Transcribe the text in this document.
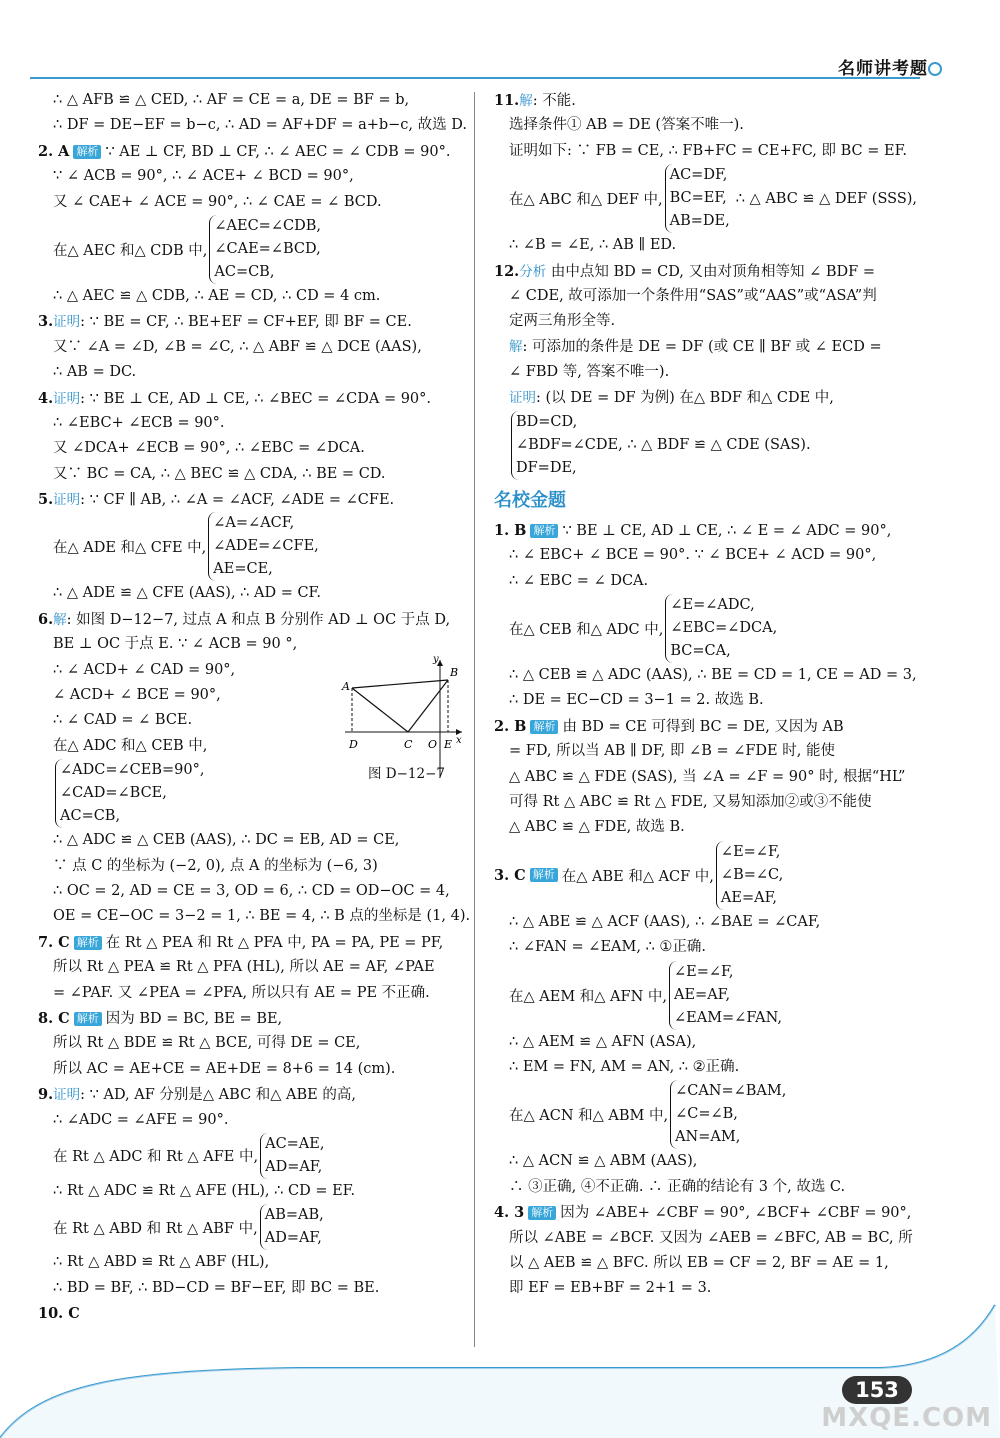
名师讲考题
∴ △ AFB ≌ △ CED, ∴ AF = CE = a, DE = BF = b,
∴ DF = DE−EF = b−c, ∴ AD = AF+DF = a+b−c, 故选 D.
2. A 解析 ∵ AE ⊥ CF, BD ⊥ CF, ∴ ∠ AEC = ∠ CDB = 90°.
∵ ∠ ACB = 90°, ∴ ∠ ACE+ ∠ BCD = 90°,
又 ∠ CAE+ ∠ ACE = 90°, ∴ ∠ CAE = ∠ BCD.
在△ AEC 和△ CDB 中,
∠AEC=∠CDB,
∠CAE=∠BCD,
AC=CB,
∴ △ AEC ≌ △ CDB, ∴ AE = CD, ∴ CD = 4 cm.
3.证明: ∵ BE = CF, ∴ BE+EF = CF+EF, 即 BF = CE.
又∵ ∠A = ∠D, ∠B = ∠C, ∴ △ ABF ≌ △ DCE (AAS),
∴ AB = DC.
4.证明: ∵ BE ⊥ CE, AD ⊥ CE, ∴ ∠BEC = ∠CDA = 90°.
∴ ∠EBC+ ∠ECB = 90°.
又 ∠DCA+ ∠ECB = 90°, ∴ ∠EBC = ∠DCA.
又∵ BC = CA, ∴ △ BEC ≌ △ CDA, ∴ BE = CD.
5.证明: ∵ CF ∥ AB, ∴ ∠A = ∠ACF, ∠ADE = ∠CFE.
在△ ADE 和△ CFE 中,
∠A=∠ACF,
∠ADE=∠CFE,
AE=CE,
∴ △ ADE ≌ △ CFE (AAS), ∴ AD = CF.
6.解: 如图 D−12−7, 过点 A 和点 B 分别作 AD ⊥ OC 于点 D,
BE ⊥ OC 于点 E. ∵ ∠ ACB = 90 °,
∴ ∠ ACD+ ∠ CAD = 90°,
∠ ACD+ ∠ BCE = 90°,
∴ ∠ CAD = ∠ BCE.
在△ ADC 和△ CEB 中,
∠ADC=∠CEB=90°,
∠CAD=∠BCE,
AC=CB,
∴ △ ADC ≌ △ CEB (AAS), ∴ DC = EB, AD = CE,
∵ 点 C 的坐标为 (−2, 0), 点 A 的坐标为 (−6, 3)
∴ OC = 2, AD = CE = 3, OD = 6, ∴ CD = OD−OC = 4,
OE = CE−OC = 3−2 = 1, ∴ BE = 4, ∴ B 点的坐标是 (1, 4).
7. C 解析 在 Rt △ PEA 和 Rt △ PFA 中, PA = PA, PE = PF,
所以 Rt △ PEA ≌ Rt △ PFA (HL), 所以 AE = AF, ∠PAE
= ∠PAF. 又 ∠PEA = ∠PFA, 所以只有 AE = PE 不正确.
8. C 解析 因为 BD = BC, BE = BE,
所以 Rt △ BDE ≌ Rt △ BCE, 可得 DE = CE,
所以 AC = AE+CE = AE+DE = 8+6 = 14 (cm).
9.证明: ∵ AD, AF 分别是△ ABC 和△ ABE 的高,
∴ ∠ADC = ∠AFE = 90°.
在 Rt △ ADC 和 Rt △ AFE 中,
AC=AE,
AD=AF,
∴ Rt △ ADC ≌ Rt △ AFE (HL), ∴ CD = EF.
在 Rt △ ABD 和 Rt △ ABF 中,
AB=AB,
AD=AF,
∴ Rt △ ABD ≌ Rt △ ABF (HL),
∴ BD = BF, ∴ BD−CD = BF−EF, 即 BC = BE.
10. C
11.解: 不能.
选择条件① AB = DE (答案不唯一).
证明如下: ∵ FB = CE, ∴ FB+FC = CE+FC, 即 BC = EF.
在△ ABC 和△ DEF 中,
AC=DF,
BC=EF,
AB=DE,
∴ △ ABC ≌ △ DEF (SSS),
∴ ∠B = ∠E, ∴ AB ∥ ED.
12.分析 由中点知 BD = CD, 又由对顶角相等知 ∠ BDF =
∠ CDE, 故可添加一个条件用“SAS”或“AAS”或“ASA”判
定两三角形全等.
解: 可添加的条件是 DE = DF (或 CE ∥ BF 或 ∠ ECD =
∠ FBD 等, 答案不唯一).
证明: (以 DE = DF 为例) 在△ BDF 和△ CDE 中,
BD=CD,
∠BDF=∠CDE, ∴ △ BDF ≌ △ CDE (SAS).
DF=DE,
名校金题
1. B 解析 ∵ BE ⊥ CE, AD ⊥ CE, ∴ ∠ E = ∠ ADC = 90°,
∴ ∠ EBC+ ∠ BCE = 90°. ∵ ∠ BCE+ ∠ ACD = 90°,
∴ ∠ EBC = ∠ DCA.
在△ CEB 和△ ADC 中,
∠E=∠ADC,
∠EBC=∠DCA,
BC=CA,
∴ △ CEB ≌ △ ADC (AAS), ∴ BE = CD = 1, CE = AD = 3,
∴ DE = EC−CD = 3−1 = 2. 故选 B.
2. B 解析 由 BD = CE 可得到 BC = DE, 又因为 AB
= FD, 所以当 AB ∥ DF, 即 ∠B = ∠FDE 时, 能使
△ ABC ≌ △ FDE (SAS), 当 ∠A = ∠F = 90° 时, 根据“HL”
可得 Rt △ ABC ≌ Rt △ FDE, 又易知添加②或③不能使
△ ABC ≌ △ FDE, 故选 B.
3. C 解析 在△ ABE 和△ ACF 中,
∠E=∠F,
∠B=∠C,
AE=AF,
∴ △ ABE ≌ △ ACF (AAS), ∴ ∠BAE = ∠CAF,
∴ ∠FAN = ∠EAM, ∴ ①正确.
在△ AEM 和△ AFN 中,
∠E=∠F,
AE=AF,
∠EAM=∠FAN,
∴ △ AEM ≌ △ AFN (ASA),
∴ EM = FN, AM = AN, ∴ ②正确.
在△ ACN 和△ ABM 中,
∠CAN=∠BAM,
∠C=∠B,
AN=AM,
∴ △ ACN ≌ △ ABM (AAS),
∴ ③正确, ④不正确. ∴ 正确的结论有 3 个, 故选 C.
4. 3 解析 因为 ∠ABE+ ∠CBF = 90°, ∠BCF+ ∠CBF = 90°,
所以 ∠ABE = ∠BCF. 又因为 ∠AEB = ∠BFC, AB = BC, 所
以 △ AEB ≌ △ BFC. 所以 EB = CF = 2, BF = AE = 1,
即 EF = EB+BF = 2+1 = 3.
A
B
D	C O E x
y
图 D−12−7
153
MXQE.COM
